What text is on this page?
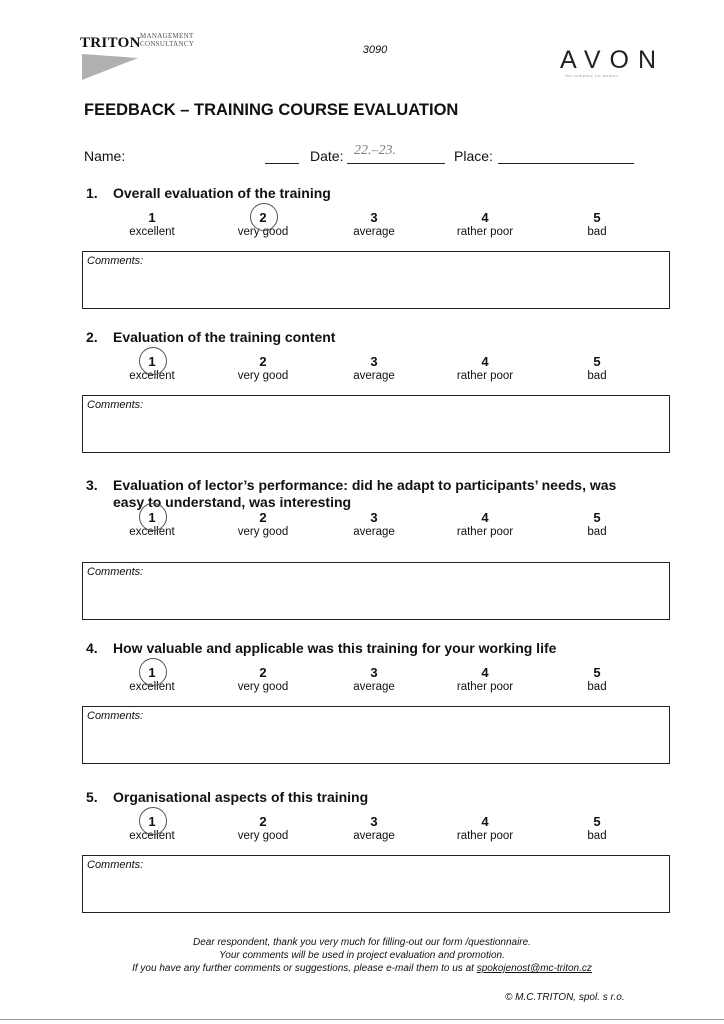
TRITON MANAGEMENT
CONSULTANCY	3090	AVON
the company for women
FEEDBACK – TRAINING COURSE EVALUATION
Name:	Date: 22.–23.	Place:
1. Overall evaluation of the training
1
excellent
2
very good
3
average
4
rather poor
5
bad
Comments:
2. Evaluation of the training content
1
excellent
2
very good
3
average
4
rather poor
5
bad
Comments:
3. Evaluation of lector’s performance: did he adapt to participants’ needs, was
easy to understand, was interesting
1
excellent
2
very good
3
average
4
rather poor
5
bad
Comments:
4. How valuable and applicable was this training for your working life
1
excellent
2
very good
3
average
4
rather poor
5
bad
Comments:
5. Organisational aspects of this training
1
excellent
2
very good
3
average
4
rather poor
5
bad
Comments:
Dear respondent, thank you very much for filling-out our form /questionnaire.
Your comments will be used in project evaluation and promotion.
If you have any further comments or suggestions, please e-mail them to us at spokojenost@mc-triton.cz
© M.C.TRITON, spol. s r.o.
